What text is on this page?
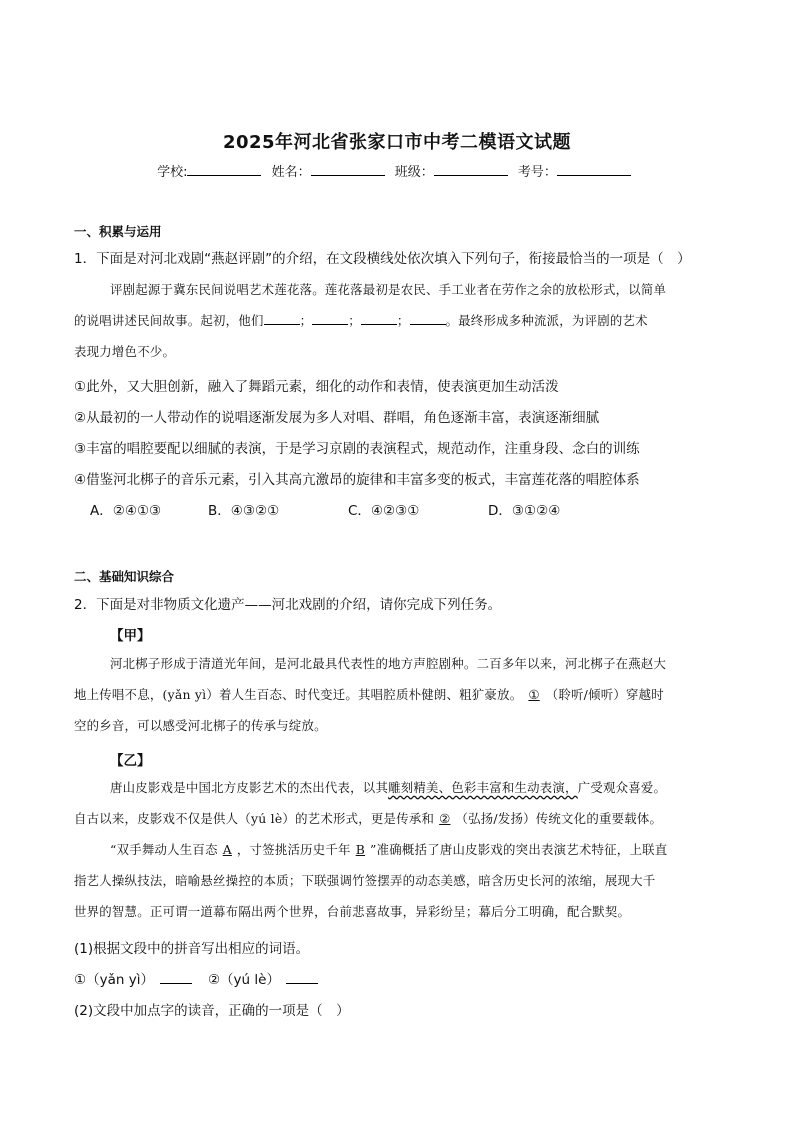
2025年河北省张家口市中考二模语文试题
学校:	姓名：	班级：	考号：
一、积累与运用
1．下面是对河北戏剧“燕赵评剧”的介绍，在文段横线处依次填入下列句子，衔接最恰当的一项是（　）
评剧起源于冀东民间说唱艺术莲花落。莲花落最初是农民、手工业者在劳作之余的放松形式，以简单
的说唱讲述民间故事。起初，他们	；	；	；	。最终形成多种流派，为评剧的艺术
表现力增色不少。
①此外，又大胆创新，融入了舞蹈元素，细化的动作和表情，使表演更加生动活泼
②从最初的一人带动作的说唱逐渐发展为多人对唱、群唱，角色逐渐丰富，表演逐渐细腻
③丰富的唱腔要配以细腻的表演，于是学习京剧的表演程式，规范动作，注重身段、念白的训练
④借鉴河北梆子的音乐元素，引入其高亢激昂的旋律和丰富多变的板式，丰富莲花落的唱腔体系
A．②④①③	B．④③②①	C．④②③①	D．③①②④
二、基础知识综合
2．下面是对非物质文化遗产——河北戏剧的介绍，请你完成下列任务。
【甲】
河北梆子形成于清道光年间，是河北最具代表性的地方声腔剧种。二百多年以来，河北梆子在燕赵大
地上传唱不息，(yǎn yì）着人生百态、时代变迁。其唱腔质朴健朗、粗犷豪放。 ① （聆听/倾听）穿越时
空的乡音，可以感受河北梆子的传承与绽放。
【乙】
唐山皮影戏是中国北方皮影艺术的杰出代表，以其雕刻精美、色彩丰富和生动表演，广受观众喜爱。
自古以来，皮影戏不仅是供人（yú lè）的艺术形式，更是传承和 ② （弘扬/发扬）传统文化的重要载体。
“双手舞动人生百态 A ，寸签挑活历史千年 B ”准确概括了唐山皮影戏的突出表演艺术特征，上联直
指艺人操纵技法，暗喻悬丝操控的本质；下联强调竹签摆弄的动态美感，暗含历史长河的浓缩，展现大千
世界的智慧。正可谓一道幕布隔出两个世界，台前悲喜故事，异彩纷呈；幕后分工明确，配合默契。
(1)根据文段中的拼音写出相应的词语。
①（yǎn yì）	②（yú lè）
(2)文段中加点字的读音，正确的一项是（　）
